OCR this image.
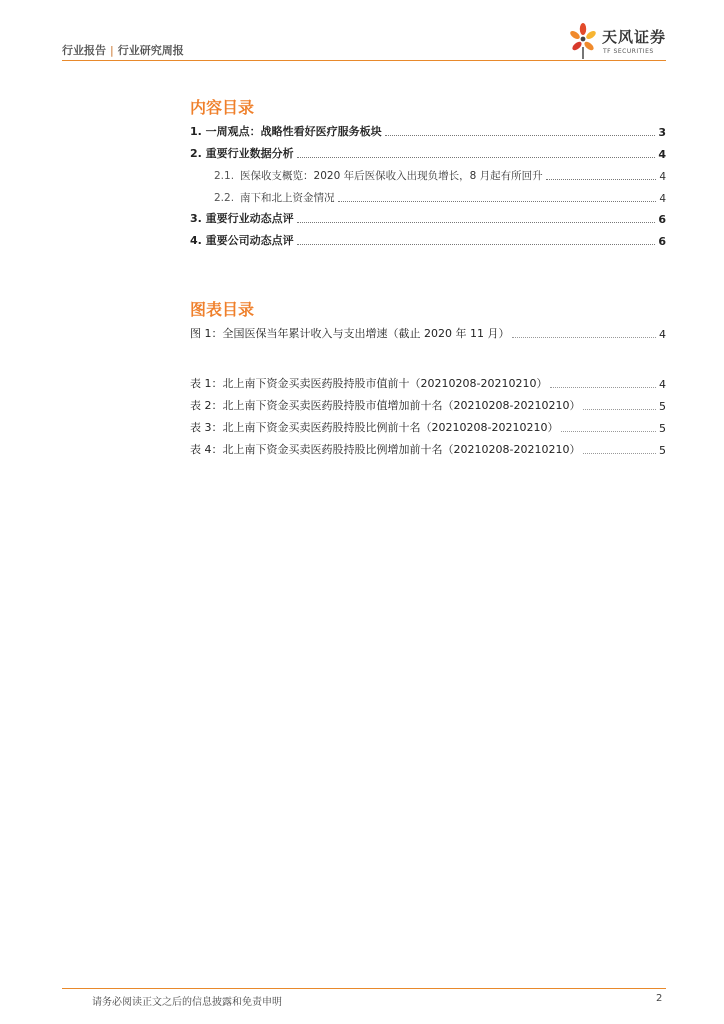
行业报告 | 行业研究周报
天风证券
TF SECURITIES
内容目录
1. 一周观点：战略性看好医疗服务板块	3
2. 重要行业数据分析	4
2.1. 医保收支概览：2020 年后医保收入出现负增长，8 月起有所回升	4
2.2. 南下和北上资金情况	4
3. 重要行业动态点评	6
4. 重要公司动态点评	6
图表目录
图 1：全国医保当年累计收入与支出增速（截止 2020 年 11 月）	4
表 1：北上南下资金买卖医药股持股市值前十（20210208-20210210）	4
表 2：北上南下资金买卖医药股持股市值增加前十名（20210208-20210210）	5
表 3：北上南下资金买卖医药股持股比例前十名（20210208-20210210）	5
表 4：北上南下资金买卖医药股持股比例增加前十名（20210208-20210210）	5
请务必阅读正文之后的信息披露和免责申明	2
